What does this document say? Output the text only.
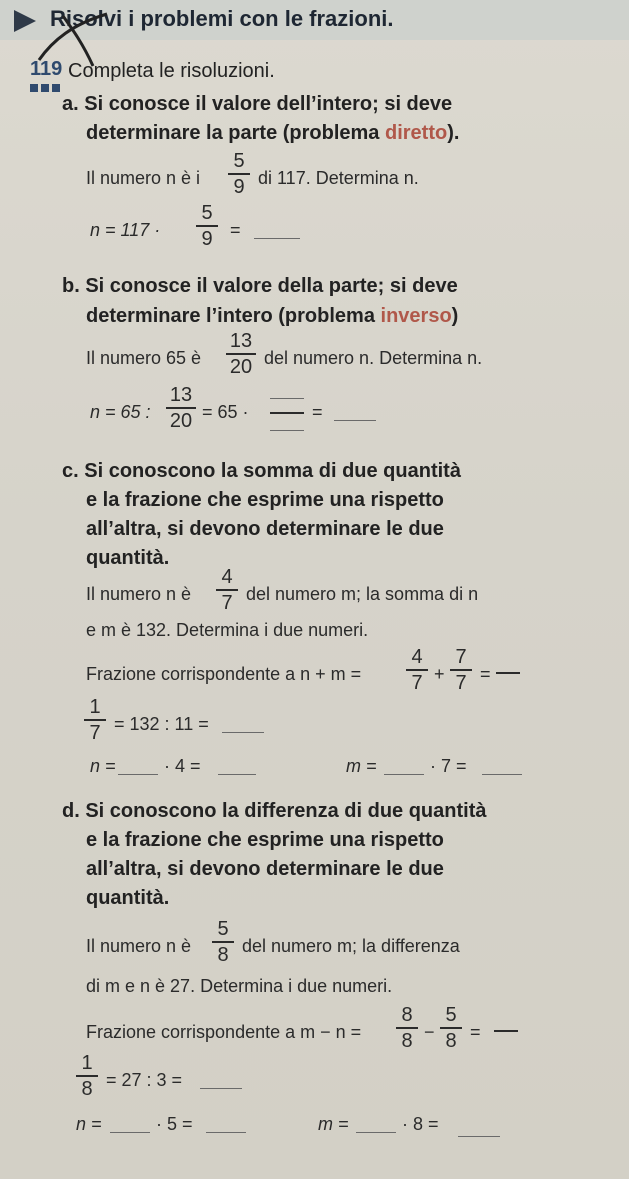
Risolvi i problemi con le frazioni.
119 Completa le risoluzioni.
a. Si conosce il valore dell’intero; si deve
determinare la parte (problema diretto).
Il numero n è i
5
9 di 117. Determina n.
n = 117 ·
5
9 =
b. Si conosce il valore della parte; si deve
determinare l’intero (problema inverso)
Il numero 65 è
13
20 del numero n. Determina n.
n = 65 :
13
20 = 65 ·	=
c. Si conoscono la somma di due quantità
e la frazione che esprime una rispetto
all’altra, si devono determinare le due
quantità.
Il numero n è
4
7 del numero m; la somma di n
e m è 132. Determina i due numeri.
Frazione corrispondente a n + m =
4
7 +
7
7 =
1
7 = 132 : 11 =
n =	· 4 =	m =	· 7 =
d. Si conoscono la differenza di due quantità
e la frazione che esprime una rispetto
all’altra, si devono determinare le due
quantità.
Il numero n è
5
8 del numero m; la differenza
di m e n è 27. Determina i due numeri.
Frazione corrispondente a m − n =
8
8 −
5
8 =
1
8 = 27 : 3 =
n =	· 5 =	m =	· 8 =
